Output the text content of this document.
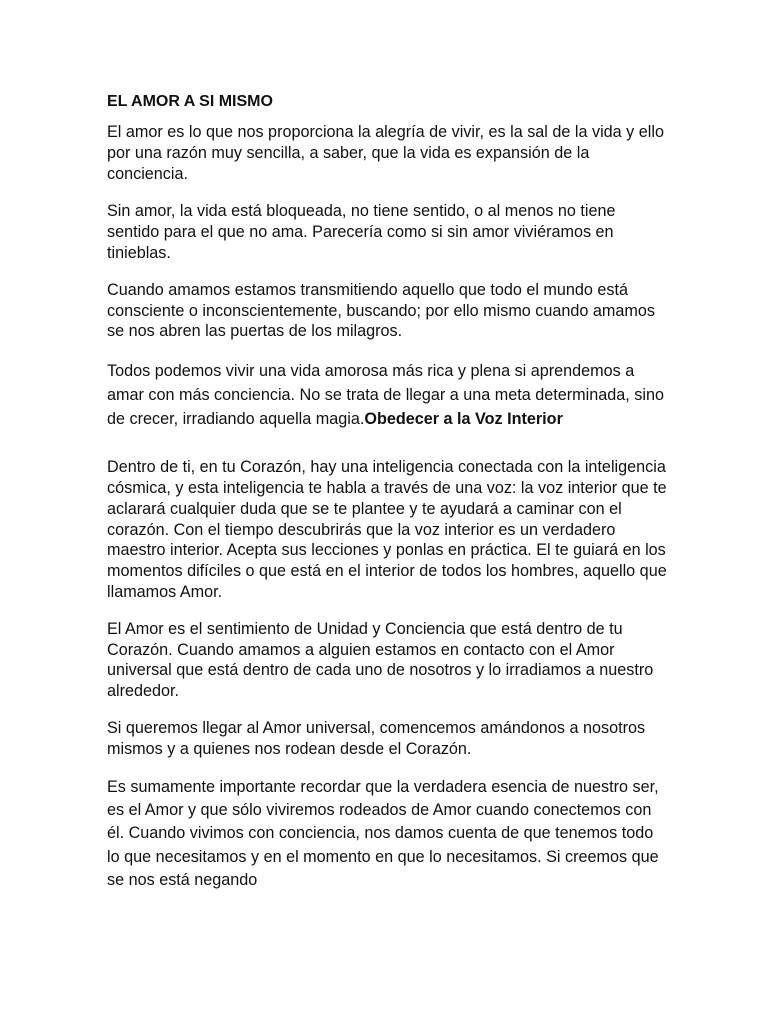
EL AMOR A SI MISMO

El amor es lo que nos proporciona la alegría de vivir, es la sal de la vida y ello por una razón muy sencilla, a saber, que la vida es expansión de la conciencia.

Sin amor, la vida está bloqueada, no tiene sentido, o al menos no tiene sentido para el que no ama. Parecería como si sin amor viviéramos en tinieblas.

Cuando amamos estamos transmitiendo aquello que todo el mundo está consciente o inconscientemente, buscando; por ello mismo cuando amamos se nos abren las puertas de los milagros.

Todos podemos vivir una vida amorosa más rica y plena si aprendemos a amar con más conciencia. No se trata de llegar a una meta determinada, sino de crecer, irradiando aquella magia.Obedecer a la Voz Interior

Dentro de ti, en tu Corazón, hay una inteligencia conectada con la inteligencia cósmica, y esta inteligencia te habla a través de una voz: la voz interior que te aclarará cualquier duda que se te plantee y te ayudará a caminar con el corazón. Con el tiempo descubrirás que la voz interior es un verdadero maestro interior. Acepta sus lecciones y ponlas en práctica. El te guiará en los momentos difíciles o que está en el interior de todos los hombres, aquello que llamamos Amor.

El Amor es el sentimiento de Unidad y Conciencia que está dentro de tu Corazón. Cuando amamos a alguien estamos en contacto con el Amor universal que está dentro de cada uno de nosotros y lo irradiamos a nuestro alrededor.

Si queremos llegar al Amor universal, comencemos amándonos a nosotros mismos y a quienes nos rodean desde el Corazón.

Es sumamente importante recordar que la verdadera esencia de nuestro ser, es el Amor y que sólo viviremos rodeados de Amor cuando conectemos con él. Cuando vivimos con conciencia, nos damos cuenta de que tenemos todo lo que necesitamos y en el momento en que lo necesitamos. Si creemos que se nos está negando
